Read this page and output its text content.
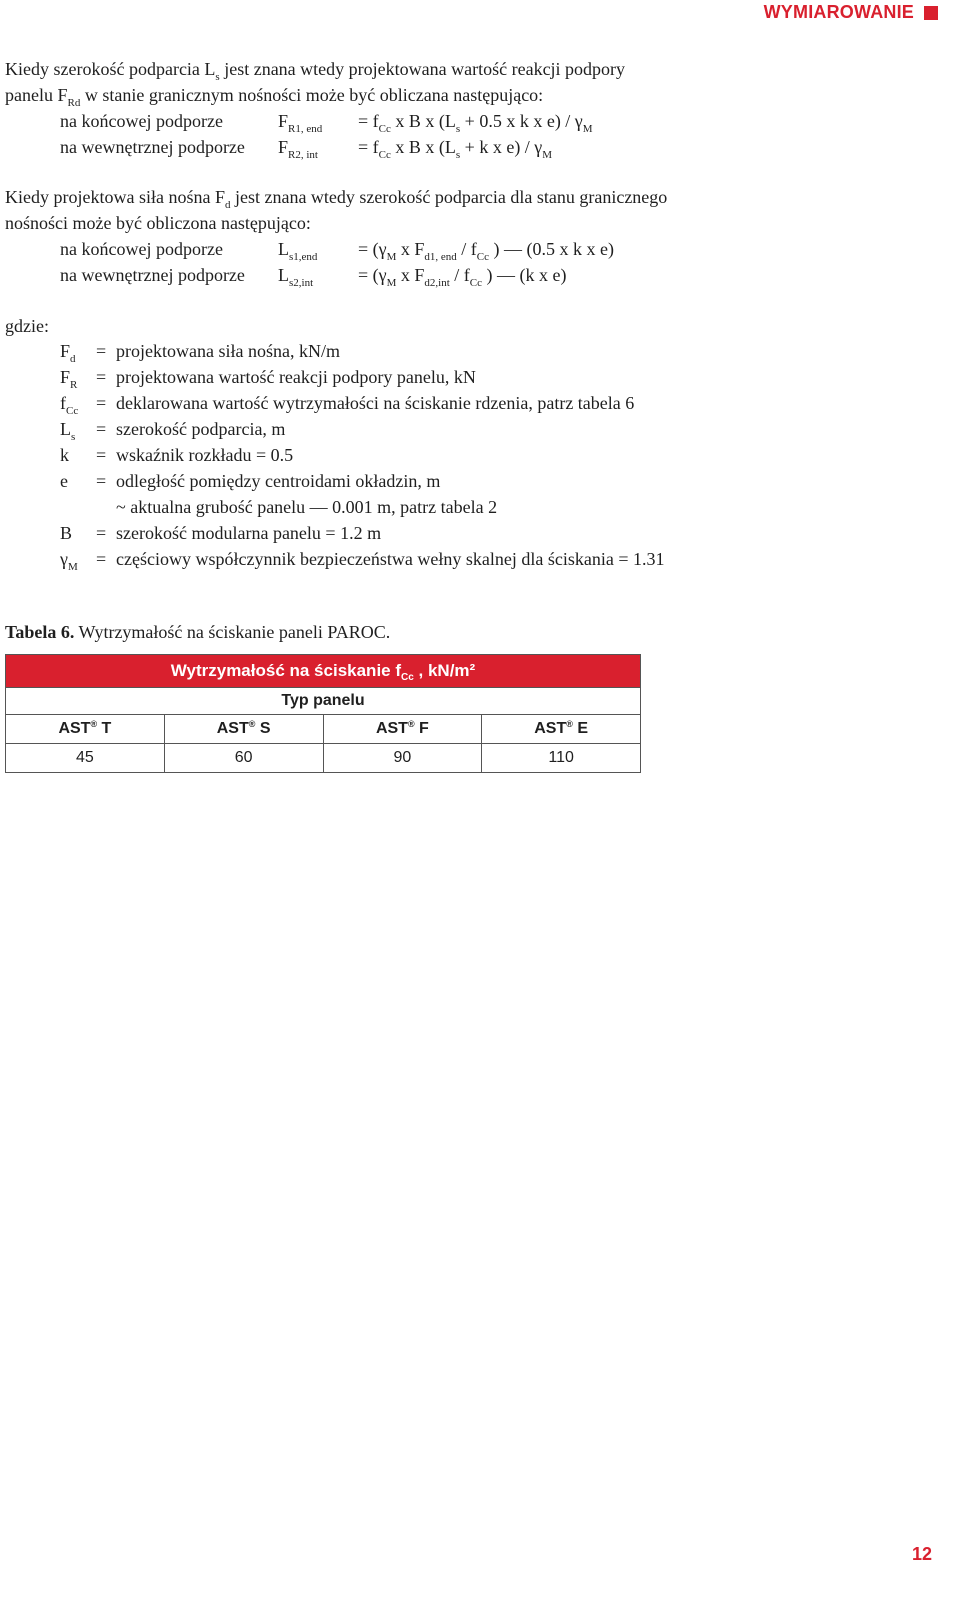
WYMIAROWANIE
Kiedy szerokość podparcia $L_s$ jest znana wtedy projektowana wartość reakcji podpory
panelu $F_{Rd}$ w stanie granicznym nośności może być obliczana następująco:
na końcowej podporze	$F_{R1, end} = f_{Cc}$ x B x ($L_s + 0.5$ x k x $e) / \gamma_M$
na wewnętrznej podporze $F_{R2, int} = f_{Cc}$ x B x ($L_s + k$ x $e) / \gamma_M$
Kiedy projektowa siła nośna $F_d$ jest znana wtedy szerokość podparcia dla stanu granicznego
nośności może być obliczona następująco:
na końcowej podporze	$L_{s1,end} = (\gamma_M$ x $F_{d1, end} / f_{Cc}$ ) — (0.5 x k x e)
na wewnętrznej podporze $L_{s2,int} = (\gamma_M$ x $F_{d2,int} / f_{Cc}$ ) — (k x e)
gdzie:
$F_d$ = projektowana siła nośna, kN/m
$F_R$ = projektowana wartość reakcji podpory panelu, kN
$f_{Cc}$ = deklarowana wartość wytrzymałości na ściskanie rdzenia, patrz tabela 6
$L_s$ = szerokość podparcia, m
k = wskaźnik rozkładu = 0.5
e = odległość pomiędzy centroidami okładzin, m
~ aktualna grubość panelu — 0.001 m, patrz tabela 2
B = szerokość modularna panelu = 1.2 m
$\gamma_M$ = częściowy współczynnik bezpieczeństwa wełny skalnej dla ściskania = 1.31
Tabela 6. Wytrzymałość na ściskanie paneli PAROC.
Wytrzymałość na ściskanie $f_{Cc}$ , kN/m²			
Typ panelu			
AST® T	AST® S	AST® F	AST® E
45	60	90	110
12
